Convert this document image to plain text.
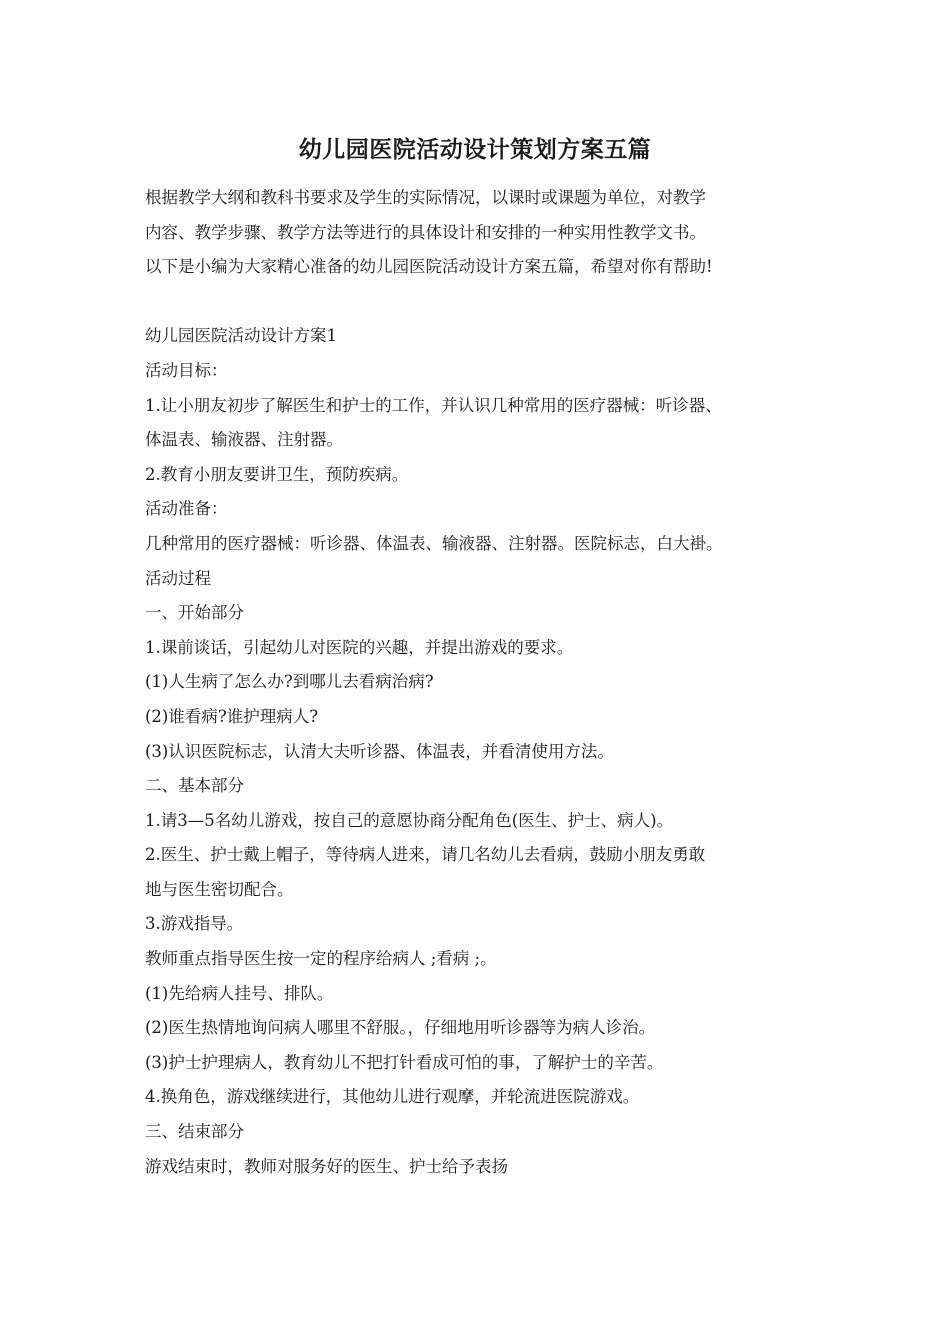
幼儿园医院活动设计策划方案五篇
根据教学大纲和教科书要求及学生的实际情况，以课时或课题为单位，对教学
内容、教学步骤、教学方法等进行的具体设计和安排的一种实用性教学文书。
以下是小编为大家精心准备的幼儿园医院活动设计方案五篇，希望对你有帮助!
幼儿园医院活动设计方案1
活动目标：
1.让小朋友初步了解医生和护士的工作，并认识几种常用的医疗器械：听诊器、
体温表、输液器、注射器。
2.教育小朋友要讲卫生，预防疾病。
活动准备：
几种常用的医疗器械：听诊器、体温表、输液器、注射器。医院标志，白大褂。
活动过程
一、开始部分
1.课前谈话，引起幼儿对医院的兴趣，并提出游戏的要求。
(1)人生病了怎么办?到哪儿去看病治病?
(2)谁看病?谁护理病人?
(3)认识医院标志，认清大夫听诊器、体温表，并看清使用方法。
二、基本部分
1.请3—5名幼儿游戏，按自己的意愿协商分配角色(医生、护士、病人)。
2.医生、护士戴上帽子，等待病人进来，请几名幼儿去看病，鼓励小朋友勇敢
地与医生密切配合。
3.游戏指导。
教师重点指导医生按一定的程序给病人 ;看病 ;。
(1)先给病人挂号、排队。
(2)医生热情地询问病人哪里不舒服。，仔细地用听诊器等为病人诊治。
(3)护士护理病人，教育幼儿不把打针看成可怕的事，了解护士的辛苦。
4.换角色，游戏继续进行，其他幼儿进行观摩，并轮流进医院游戏。
三、结束部分
游戏结束时，教师对服务好的医生、护士给予表扬
